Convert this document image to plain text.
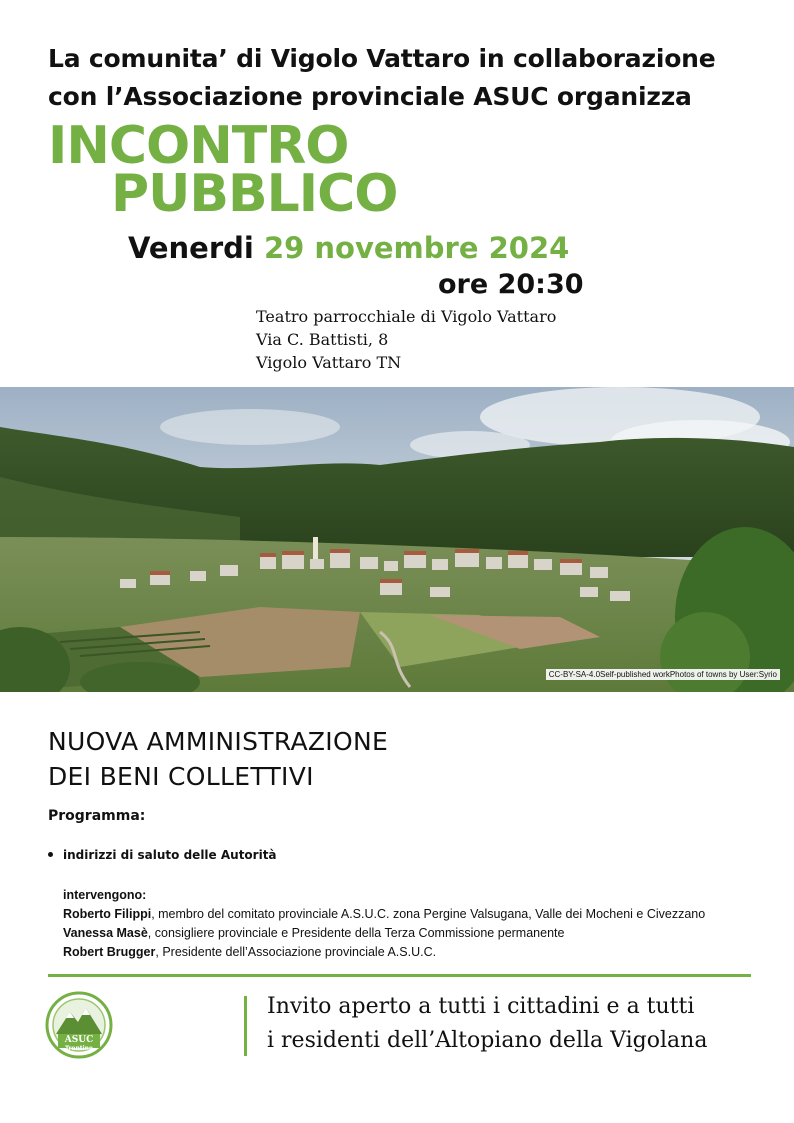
La comunita’ di Vigolo Vattaro in collaborazione
con l’Associazione provinciale ASUC organizza
INCONTRO
PUBBLICO
Venerdi 29 novembre 2024
ore 20:30
Teatro parrocchiale di Vigolo Vattaro
Via C. Battisti, 8
Vigolo Vattaro TN
CC-BY-SA-4.0Self-published workPhotos of towns by User:Syrio
NUOVA AMMINISTRAZIONE
DEI BENI COLLETTIVI
Programma:
indirizzi di saluto delle Autorità
intervengono:
Roberto Filippi, membro del comitato provinciale A.S.U.C. zona Pergine Valsugana, Valle dei Mocheni e Civezzano
Vanessa Masè, consigliere provinciale e Presidente della Terza Commissione permanente
Robert Brugger, Presidente dell’Associazione provinciale A.S.U.C.
ASUC
Trentine
Invito aperto a tutti i cittadini e a tutti
i residenti dell’Altopiano della Vigolana
